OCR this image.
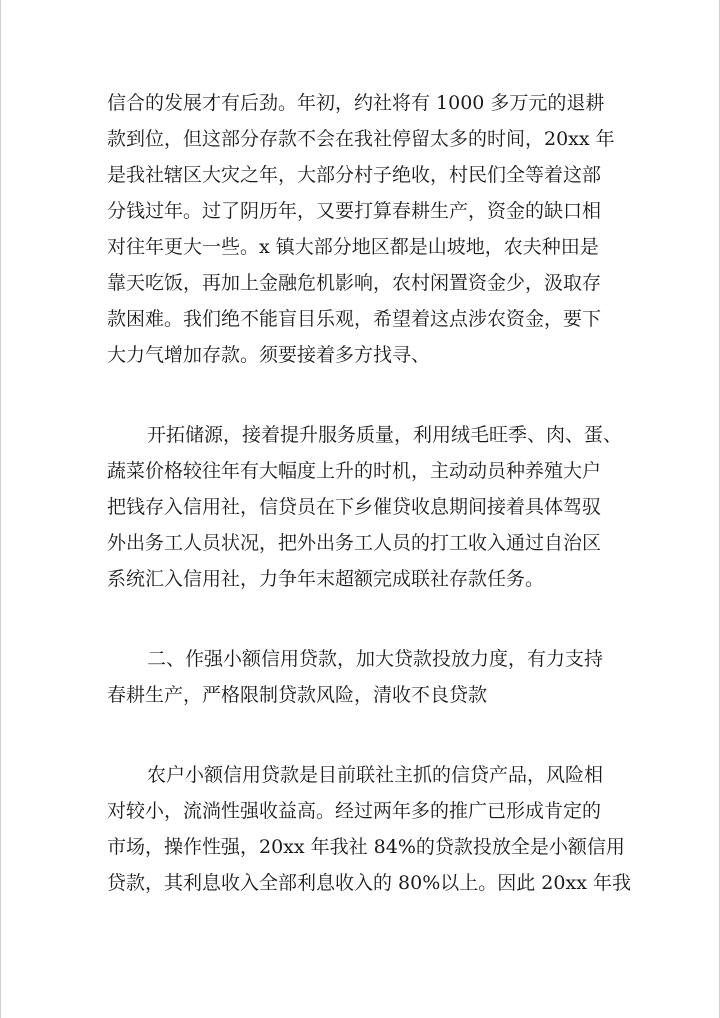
信合的发展才有后劲。年初，约社将有 1000 多万元的退耕
款到位，但这部分存款不会在我社停留太多的时间，20xx 年
是我社辖区大灾之年，大部分村子绝收，村民们全等着这部
分钱过年。过了阴历年，又要打算春耕生产，资金的缺口相
对往年更大一些。x 镇大部分地区都是山坡地，农夫种田是
靠天吃饭，再加上金融危机影响，农村闲置资金少，汲取存
款困难。我们绝不能盲目乐观，希望着这点涉农资金，要下
大力气增加存款。须要接着多方找寻、
开拓储源，接着提升服务质量，利用绒毛旺季、肉、蛋、
蔬菜价格较往年有大幅度上升的时机，主动动员种养殖大户
把钱存入信用社，信贷员在下乡催贷收息期间接着具体驾驭
外出务工人员状况，把外出务工人员的打工收入通过自治区
系统汇入信用社，力争年末超额完成联社存款任务。
二、作强小额信用贷款，加大贷款投放力度，有力支持
春耕生产，严格限制贷款风险，清收不良贷款
农户小额信用贷款是目前联社主抓的信贷产品，风险相
对较小，流淌性强收益高。经过两年多的推广已形成肯定的
市场，操作性强，20xx 年我社 84%的贷款投放全是小额信用
贷款，其利息收入全部利息收入的 80%以上。因此 20xx 年我
